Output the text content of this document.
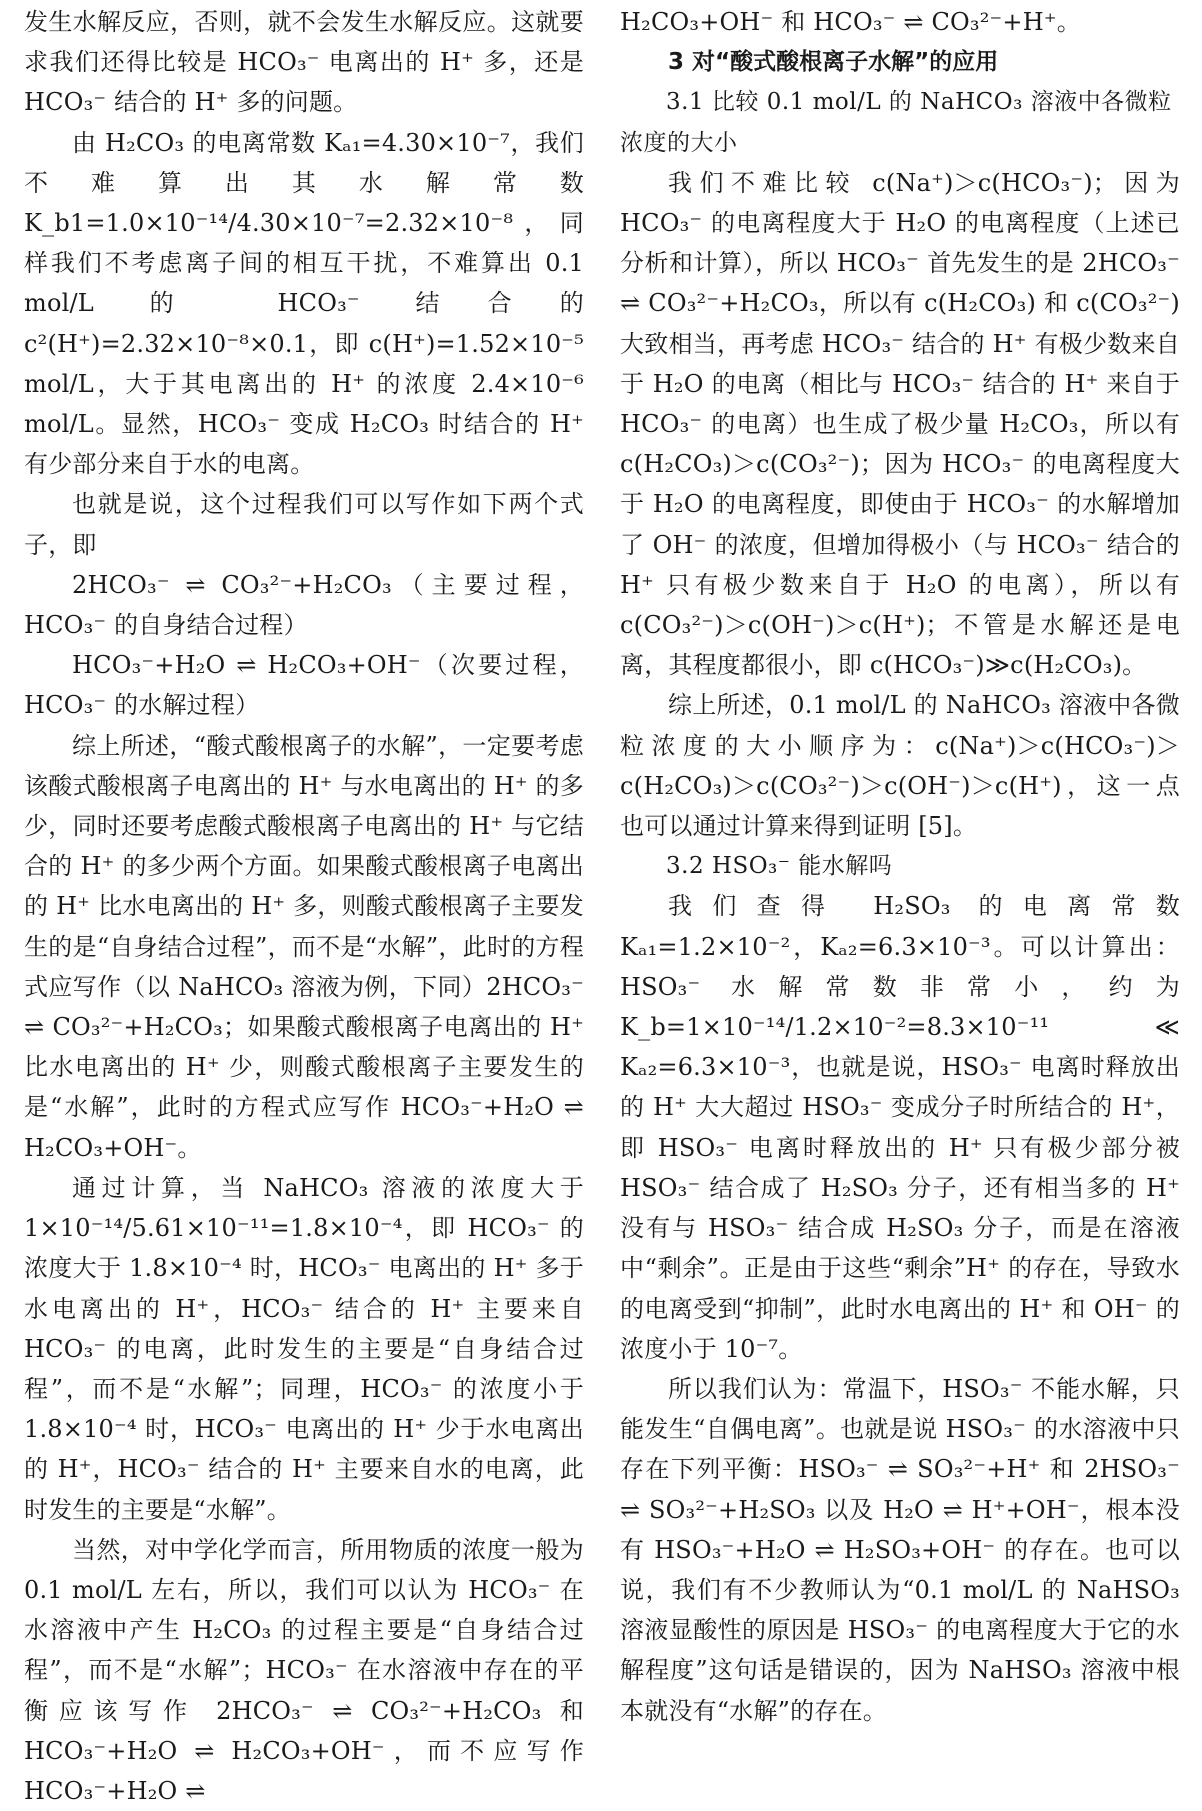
发生水解反应，否则，就不会发生水解反应。这就要求我们还得比较是 HCO₃⁻ 电离出的 H⁺ 多，还是 HCO₃⁻ 结合的 H⁺ 多的问题。

由 H₂CO₃ 的电离常数 Kₐ₁=4.30×10⁻⁷，我们不难算出其水解常数 K_b1=1.0×10⁻¹⁴/4.30×10⁻⁷=2.32×10⁻⁸，同样我们不考虑离子间的相互干扰，不难算出 0.1 mol/L 的 HCO₃⁻ 结合的 c²(H⁺)=2.32×10⁻⁸×0.1，即 c(H⁺)=1.52×10⁻⁵ mol/L，大于其电离出的 H⁺ 的浓度 2.4×10⁻⁶ mol/L。显然，HCO₃⁻ 变成 H₂CO₃ 时结合的 H⁺ 有少部分来自于水的电离。

也就是说，这个过程我们可以写作如下两个式子，即

2HCO₃⁻ ⇌ CO₃²⁻+H₂CO₃（主要过程，HCO₃⁻ 的自身结合过程）

HCO₃⁻+H₂O ⇌ H₂CO₃+OH⁻（次要过程，HCO₃⁻ 的水解过程）

综上所述，“酸式酸根离子的水解”，一定要考虑该酸式酸根离子电离出的 H⁺ 与水电离出的 H⁺ 的多少，同时还要考虑酸式酸根离子电离出的 H⁺ 与它结合的 H⁺ 的多少两个方面。如果酸式酸根离子电离出的 H⁺ 比水电离出的 H⁺ 多，则酸式酸根离子主要发生的是“自身结合过程”，而不是“水解”，此时的方程式应写作（以 NaHCO₃ 溶液为例，下同）2HCO₃⁻ ⇌ CO₃²⁻+H₂CO₃；如果酸式酸根离子电离出的 H⁺ 比水电离出的 H⁺ 少，则酸式酸根离子主要发生的是“水解”，此时的方程式应写作 HCO₃⁻+H₂O ⇌ H₂CO₃+OH⁻。

通过计算，当 NaHCO₃ 溶液的浓度大于 1×10⁻¹⁴/5.61×10⁻¹¹=1.8×10⁻⁴，即 HCO₃⁻ 的浓度大于 1.8×10⁻⁴ 时，HCO₃⁻ 电离出的 H⁺ 多于水电离出的 H⁺，HCO₃⁻ 结合的 H⁺ 主要来自 HCO₃⁻ 的电离，此时发生的主要是“自身结合过程”，而不是“水解”；同理，HCO₃⁻ 的浓度小于 1.8×10⁻⁴ 时，HCO₃⁻ 电离出的 H⁺ 少于水电离出的 H⁺，HCO₃⁻ 结合的 H⁺ 主要来自水的电离，此时发生的主要是“水解”。

当然，对中学化学而言，所用物质的浓度一般为 0.1 mol/L 左右，所以，我们可以认为 HCO₃⁻ 在水溶液中产生 H₂CO₃ 的过程主要是“自身结合过程”，而不是“水解”；HCO₃⁻ 在水溶液中存在的平衡应该写作 2HCO₃⁻ ⇌ CO₃²⁻+H₂CO₃ 和 HCO₃⁻+H₂O ⇌ H₂CO₃+OH⁻，而不应写作 HCO₃⁻+H₂O ⇌

H₂CO₃+OH⁻ 和 HCO₃⁻ ⇌ CO₃²⁻+H⁺。

3 对“酸式酸根离子水解”的应用
3.1 比较 0.1 mol/L 的 NaHCO₃ 溶液中各微粒浓度的大小

我们不难比较 c(Na⁺)＞c(HCO₃⁻)；因为 HCO₃⁻ 的电离程度大于 H₂O 的电离程度（上述已分析和计算），所以 HCO₃⁻ 首先发生的是 2HCO₃⁻ ⇌ CO₃²⁻+H₂CO₃，所以有 c(H₂CO₃) 和 c(CO₃²⁻) 大致相当，再考虑 HCO₃⁻ 结合的 H⁺ 有极少数来自于 H₂O 的电离（相比与 HCO₃⁻ 结合的 H⁺ 来自于 HCO₃⁻ 的电离）也生成了极少量 H₂CO₃，所以有 c(H₂CO₃)＞c(CO₃²⁻)；因为 HCO₃⁻ 的电离程度大于 H₂O 的电离程度，即使由于 HCO₃⁻ 的水解增加了 OH⁻ 的浓度，但增加得极小（与 HCO₃⁻ 结合的 H⁺ 只有极少数来自于 H₂O 的电离），所以有 c(CO₃²⁻)＞c(OH⁻)＞c(H⁺)；不管是水解还是电离，其程度都很小，即 c(HCO₃⁻)≫c(H₂CO₃)。

综上所述，0.1 mol/L 的 NaHCO₃ 溶液中各微粒浓度的大小顺序为：c(Na⁺)＞c(HCO₃⁻)＞c(H₂CO₃)＞c(CO₃²⁻)＞c(OH⁻)＞c(H⁺)，这一点也可以通过计算来得到证明 [5]。

3.2 HSO₃⁻ 能水解吗

我们查得 H₂SO₃ 的电离常数 Kₐ₁=1.2×10⁻²，Kₐ₂=6.3×10⁻³。可以计算出：HSO₃⁻ 水解常数非常小，约为 K_b=1×10⁻¹⁴/1.2×10⁻²=8.3×10⁻¹¹ ≪ Kₐ₂=6.3×10⁻³，也就是说，HSO₃⁻ 电离时释放出的 H⁺ 大大超过 HSO₃⁻ 变成分子时所结合的 H⁺，即 HSO₃⁻ 电离时释放出的 H⁺ 只有极少部分被 HSO₃⁻ 结合成了 H₂SO₃ 分子，还有相当多的 H⁺ 没有与 HSO₃⁻ 结合成 H₂SO₃ 分子，而是在溶液中“剩余”。正是由于这些“剩余”H⁺ 的存在，导致水的电离受到“抑制”，此时水电离出的 H⁺ 和 OH⁻ 的浓度小于 10⁻⁷。

所以我们认为：常温下，HSO₃⁻ 不能水解，只能发生“自偶电离”。也就是说 HSO₃⁻ 的水溶液中只存在下列平衡：HSO₃⁻ ⇌ SO₃²⁻+H⁺ 和 2HSO₃⁻ ⇌ SO₃²⁻+H₂SO₃ 以及 H₂O ⇌ H⁺+OH⁻，根本没有 HSO₃⁻+H₂O ⇌ H₂SO₃+OH⁻ 的存在。也可以说，我们有不少教师认为“0.1 mol/L 的 NaHSO₃ 溶液显酸性的原因是 HSO₃⁻ 的电离程度大于它的水解程度”这句话是错误的，因为 NaHSO₃ 溶液中根本就没有“水解”的存在。
